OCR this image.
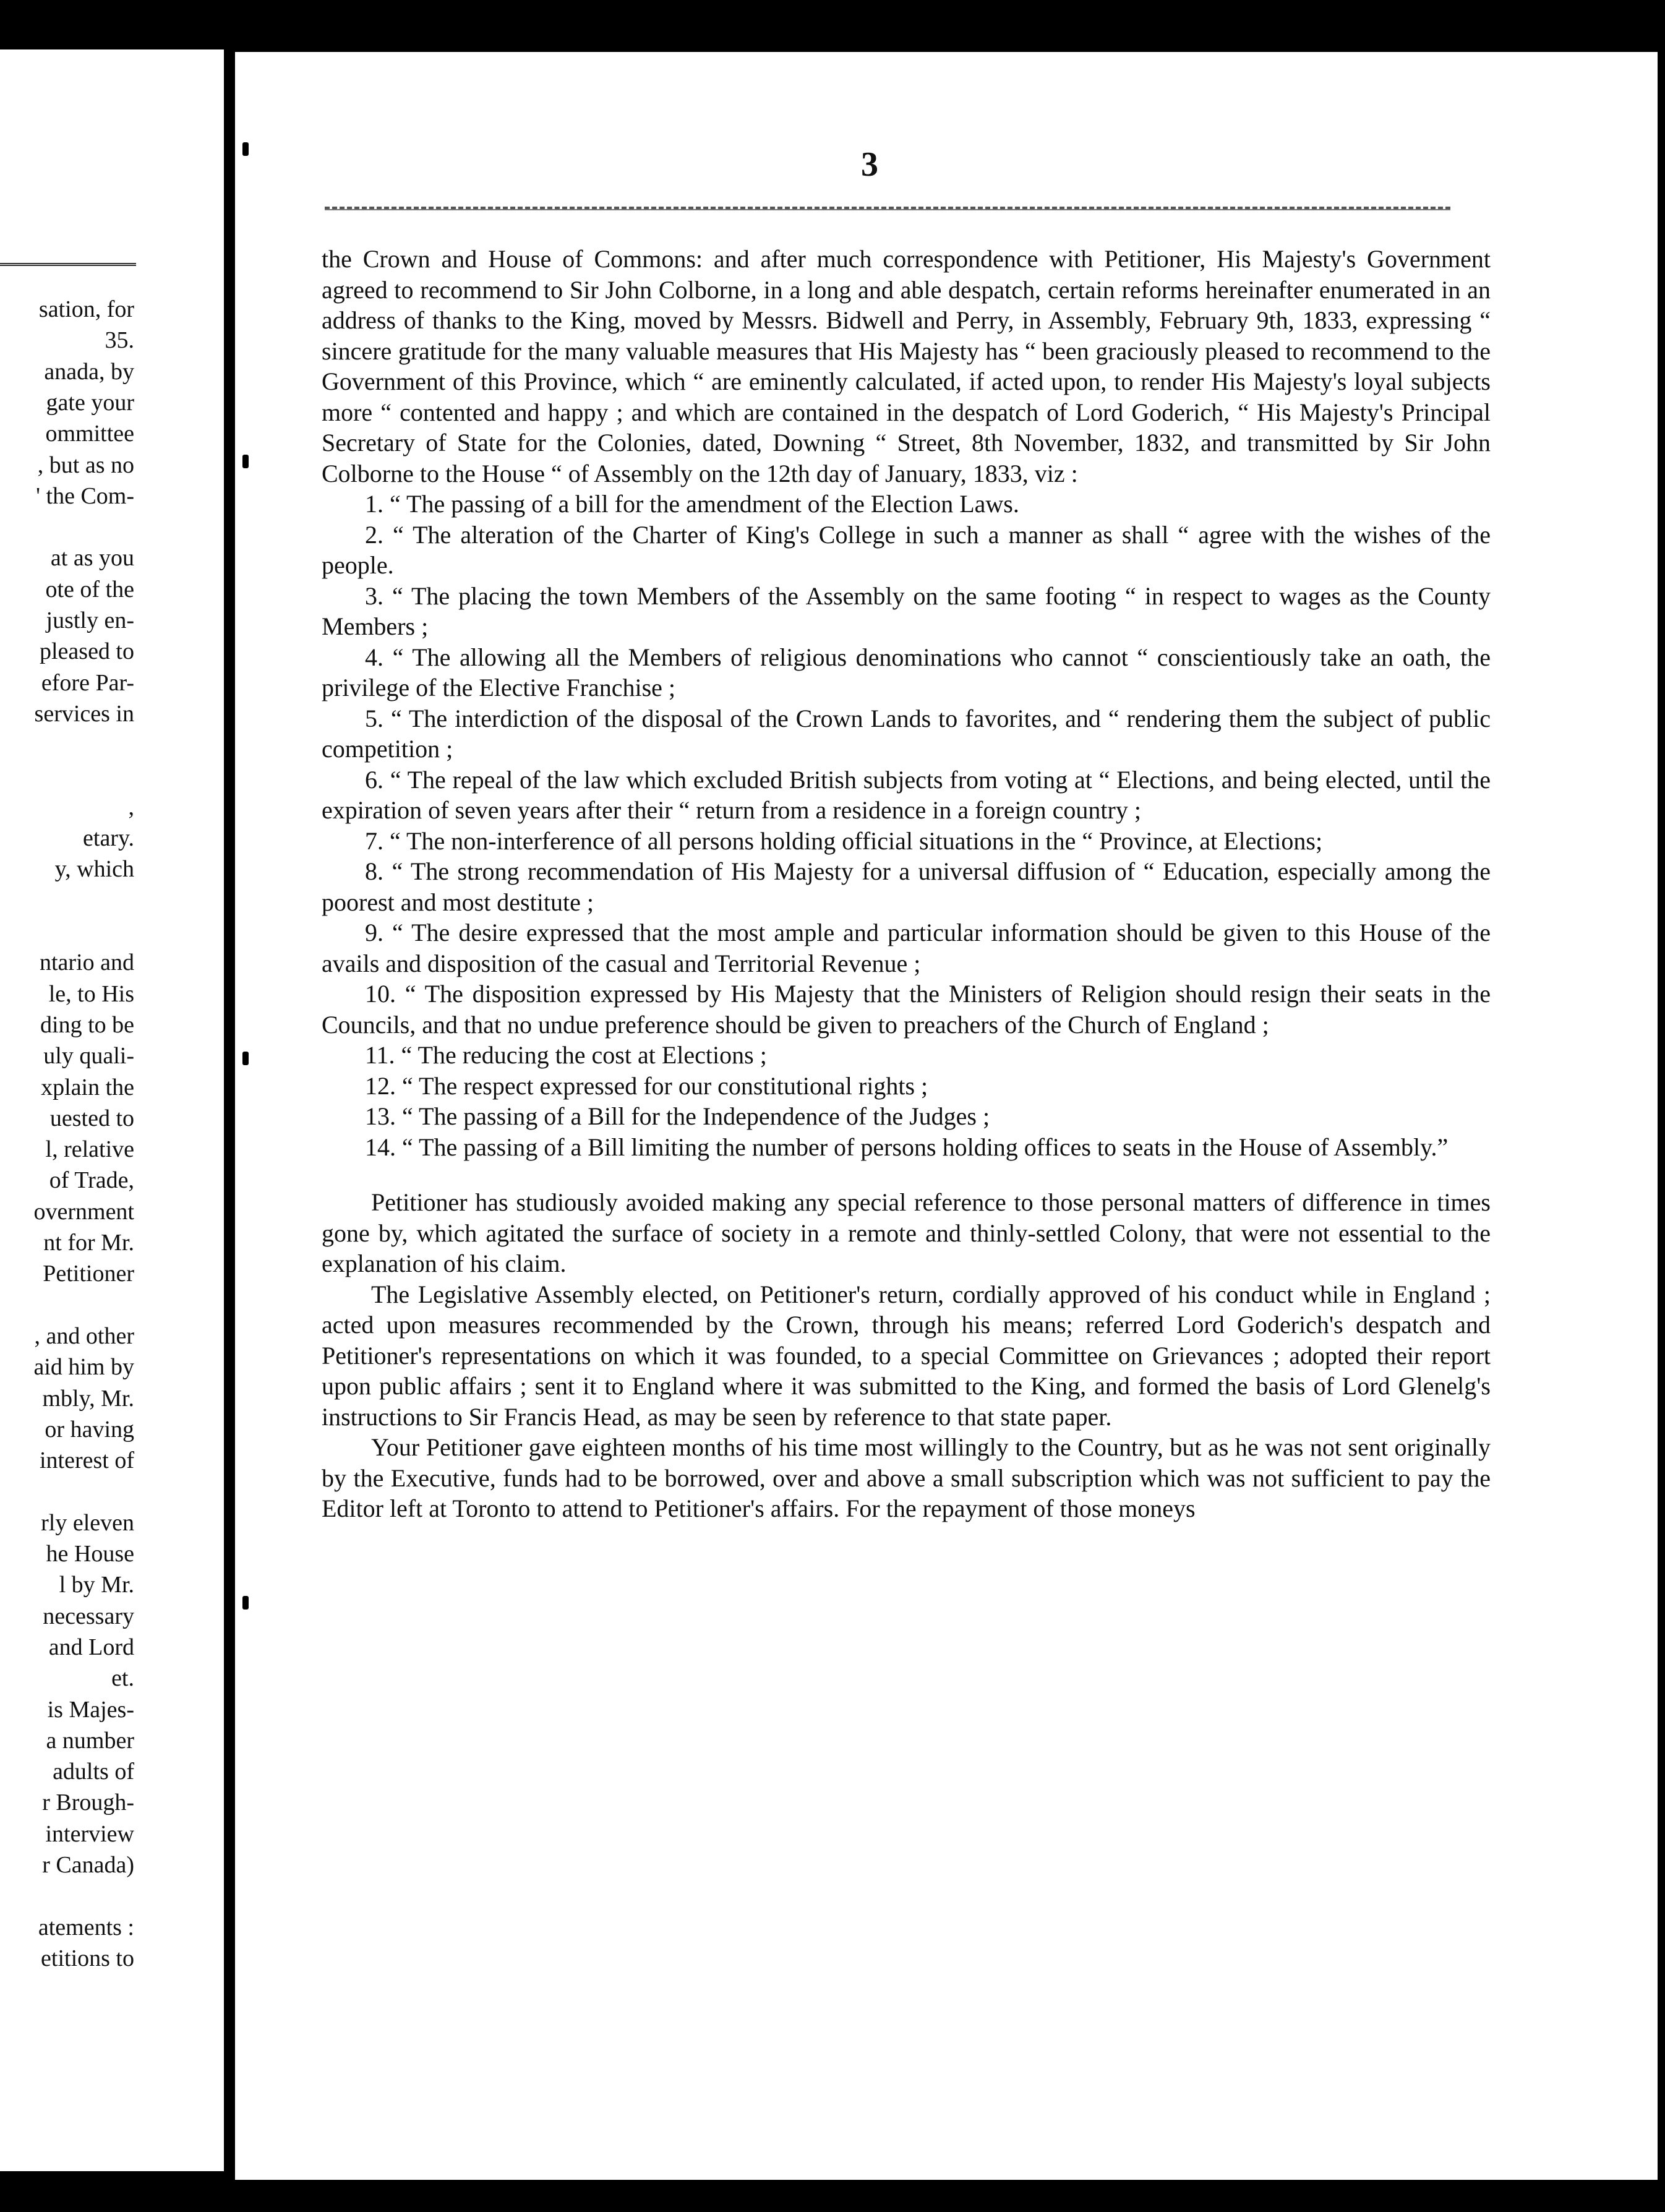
sation, for
35.
anada, by
gate your
ommittee
, but as no
' the Com-
at as you
ote of the
justly en-
pleased to
efore Par-
services in
,
etary.
y, which
ntario and
le, to His
ding to be
uly quali-
xplain the
uested to
l, relative
of Trade,
overnment
nt for Mr.
Petitioner
, and other
aid him by
mbly, Mr.
or having
interest of
rly eleven
he House
l by Mr.
necessary
and Lord
et.
is Majes-
a number
adults of
r Brough-
interview
r Canada)
atements :
etitions to
3

the Crown and House of Commons: and after much correspondence with Petitioner, His Majesty's Government agreed to recommend to Sir John Colborne, in a long and able despatch, certain reforms hereinafter enumerated in an address of thanks to the King, moved by Messrs. Bidwell and Perry, in Assembly, February 9th, 1833, expressing “ sincere gratitude for the many valuable measures that His Majesty has “ been graciously pleased to recommend to the Government of this Province, which “ are eminently calculated, if acted upon, to render His Majesty's loyal subjects more “ contented and happy ; and which are contained in the despatch of Lord Goderich, “ His Majesty's Principal Secretary of State for the Colonies, dated, Downing “ Street, 8th November, 1832, and transmitted by Sir John Colborne to the House “ of Assembly on the 12th day of January, 1833, viz :

1. “ The passing of a bill for the amendment of the Election Laws.

2. “ The alteration of the Charter of King's College in such a manner as shall “ agree with the wishes of the people.

3. “ The placing the town Members of the Assembly on the same footing “ in respect to wages as the County Members ;

4. “ The allowing all the Members of religious denominations who cannot “ conscientiously take an oath, the privilege of the Elective Franchise ;

5. “ The interdiction of the disposal of the Crown Lands to favorites, and “ rendering them the subject of public competition ;

6. “ The repeal of the law which excluded British subjects from voting at “ Elections, and being elected, until the expiration of seven years after their “ return from a residence in a foreign country ;

7. “ The non-interference of all persons holding official situations in the “ Province, at Elections;

8. “ The strong recommendation of His Majesty for a universal diffusion of “ Education, especially among the poorest and most destitute ;

9. “ The desire expressed that the most ample and particular information should be given to this House of the avails and disposition of the casual and Territorial Revenue ;

10. “ The disposition expressed by His Majesty that the Ministers of Religion should resign their seats in the Councils, and that no undue preference should be given to preachers of the Church of England ;

11. “ The reducing the cost at Elections ;

12. “ The respect expressed for our constitutional rights ;

13. “ The passing of a Bill for the Independence of the Judges ;

14. “ The passing of a Bill limiting the number of persons holding offices to seats in the House of Assembly.”

Petitioner has studiously avoided making any special reference to those personal matters of difference in times gone by, which agitated the surface of society in a remote and thinly-settled Colony, that were not essential to the explanation of his claim.

The Legislative Assembly elected, on Petitioner's return, cordially approved of his conduct while in England ; acted upon measures recommended by the Crown, through his means; referred Lord Goderich's despatch and Petitioner's representations on which it was founded, to a special Committee on Grievances ; adopted their report upon public affairs ; sent it to England where it was submitted to the King, and formed the basis of Lord Glenelg's instructions to Sir Francis Head, as may be seen by reference to that state paper.

Your Petitioner gave eighteen months of his time most willingly to the Country, but as he was not sent originally by the Executive, funds had to be borrowed, over and above a small subscription which was not sufficient to pay the Editor left at Toronto to attend to Petitioner's affairs. For the repayment of those moneys
